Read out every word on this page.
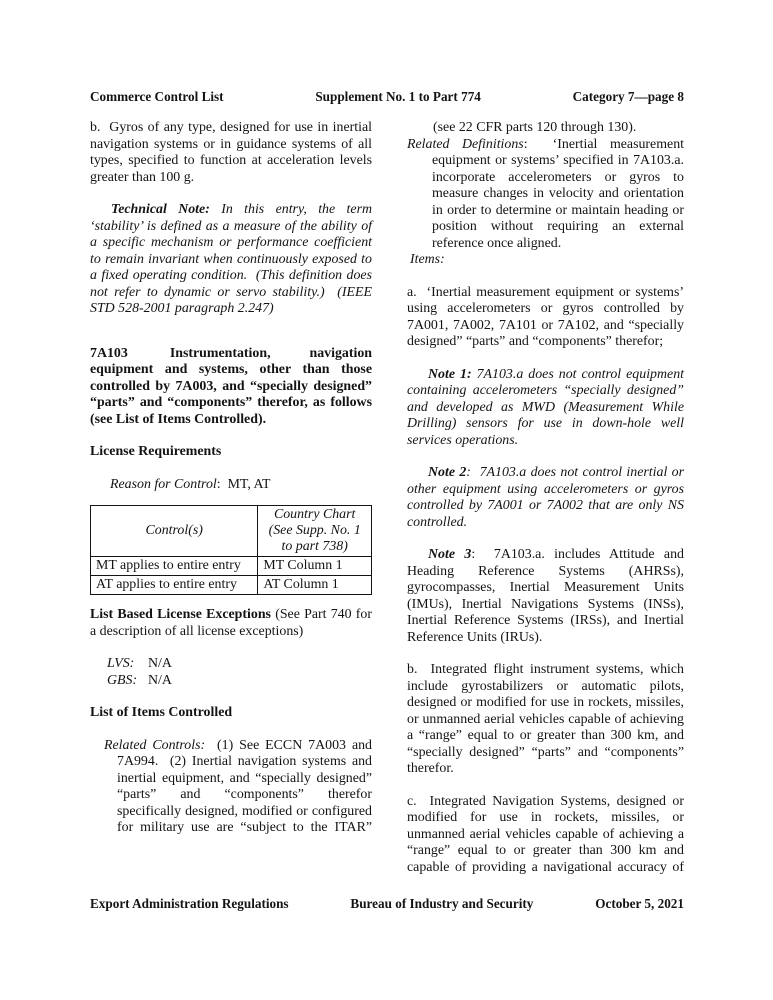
Commerce Control List	Supplement No. 1 to Part 774	Category 7—page 8

b.  Gyros of any type, designed for use in inertial navigation systems or in guidance systems of all types, specified to function at acceleration levels greater than 100 g.

Technical Note: In this entry, the term ‘stability’ is defined as a measure of the ability of a specific mechanism or performance coefficient to remain invariant when continuously exposed to a fixed operating condition.  (This definition does not refer to dynamic or servo stability.)  (IEEE STD 528-2001 paragraph 2.247)

7A103	Instrumentation, navigation equipment and systems, other than those controlled by 7A003, and “specially designed” “parts” and “components” therefor, as follows (see List of Items Controlled).

License Requirements

Reason for Control:  MT, AT

Control(s)	Country Chart (See Supp. No. 1 to part 738)
MT applies to entire entry	MT Column 1
AT applies to entire entry	AT Column 1

List Based License Exceptions (See Part 740 for a description of all license exceptions)

LVS: N/A

GBS: N/A

List of Items Controlled

Related Controls:  (1) See ECCN 7A003 and 7A994.  (2) Inertial navigation systems and inertial equipment, and “specially designed” “parts” and “components” therefor specifically designed, modified or configured for military use are “subject to the ITAR”

(see 22 CFR parts 120 through 130).

Related Definitions:  ‘Inertial measurement equipment or systems’ specified in 7A103.a. incorporate accelerometers or gyros to measure changes in velocity and orientation in order to determine or maintain heading or position without requiring an external reference once aligned.

Items:

a.  ‘Inertial measurement equipment or systems’ using accelerometers or gyros controlled by 7A001, 7A002, 7A101 or 7A102, and “specially designed” “parts” and “components” therefor;

Note 1: 7A103.a does not control equipment containing accelerometers “specially designed” and developed as MWD (Measurement While Drilling) sensors for use in down-hole well services operations.

Note 2:  7A103.a does not control inertial or other equipment using accelerometers or gyros controlled by 7A001 or 7A002 that are only NS controlled.

Note 3:  7A103.a. includes Attitude and Heading Reference Systems (AHRSs), gyrocompasses, Inertial Measurement Units (IMUs), Inertial Navigations Systems (INSs), Inertial Reference Systems (IRSs), and Inertial Reference Units (IRUs).

b.  Integrated flight instrument systems, which include gyrostabilizers or automatic pilots, designed or modified for use in rockets, missiles, or unmanned aerial vehicles capable of achieving a “range” equal to or greater than 300 km, and “specially designed” “parts” and “components” therefor.

c.  Integrated Navigation Systems, designed or modified for use in rockets, missiles, or unmanned aerial vehicles capable of achieving a “range” equal to or greater than 300 km and capable of providing a navigational accuracy of

Export Administration Regulations	Bureau of Industry and Security	October 5, 2021
